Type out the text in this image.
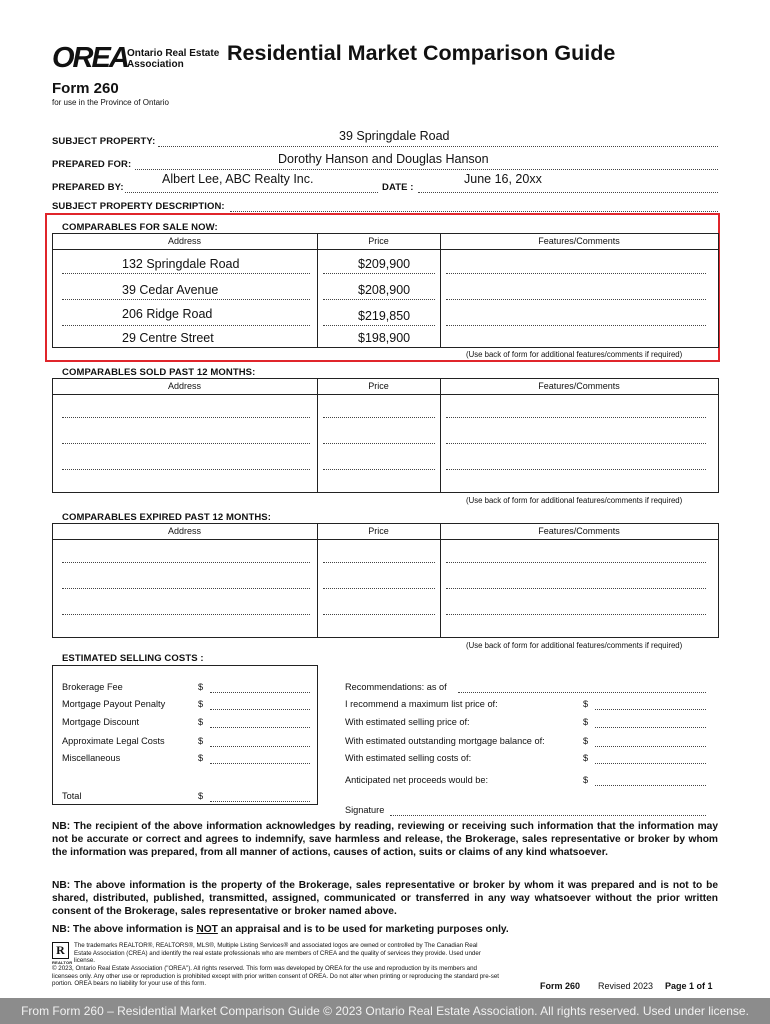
OREA Ontario Real Estate
Association	Residential Market Comparison Guide
Form 260
for use in the Province of Ontario
SUBJECT PROPERTY:	39 Springdale Road
PREPARED FOR:	Dorothy Hanson and Douglas Hanson
PREPARED BY:
Albert Lee, ABC Realty Inc.
DATE :
June 16, 20xx
SUBJECT PROPERTY DESCRIPTION:
COMPARABLES FOR SALE NOW:
Address	Price	Features/Comments
132 Springdale Road	$209,900
39 Cedar Avenue	$208,900
206 Ridge Road	$219,850
29 Centre Street	$198,900
(Use back of form for additional features/comments if required)
COMPARABLES SOLD PAST 12 MONTHS:
Address	Price	Features/Comments
(Use back of form for additional features/comments if required)
COMPARABLES EXPIRED PAST 12 MONTHS:
Address	Price	Features/Comments
(Use back of form for additional features/comments if required)
ESTIMATED SELLING COSTS :
Brokerage Fee	$
Mortgage Payout Penalty	$
Mortgage Discount	$
Approximate Legal Costs	$
Miscellaneous	$
Total	$
Recommendations: as of
I recommend a maximum list price of:	$
With estimated selling price of:	$
With estimated outstanding mortgage balance of:	$
With estimated selling costs of:	$
Anticipated net proceeds would be:	$
Signature
NB: The recipient of the above information acknowledges by reading, reviewing or receiving such information that the information may not be accurate or correct and agrees to indemnify, save harmless and release, the Brokerage, sales representative or broker by whom the information was prepared, from all manner of actions, causes of action, suits or claims of any kind whatsoever.
NB: The above information is the property of the Brokerage, sales representative or broker by whom it was prepared and is not to be shared, distributed, published, transmitted, assigned, communicated or transferred in any way whatsoever without the prior written consent of the Brokerage, sales representative or broker named above.
NB: The above information is NOT an appraisal and is to be used for marketing purposes only.
R
REALTOR
The trademarks REALTOR®, REALTORS®, MLS®, Multiple Listing Services® and associated logos are owned or controlled by The Canadian Real Estate Association (CREA) and identify the real estate professionals who are members of CREA and the quality of services they provide. Used under license.
© 2023, Ontario Real Estate Association ("OREA"). All rights reserved. This form was developed by OREA for the use and reproduction by its members and licensees only. Any other use or reproduction is prohibited except with prior written consent of OREA. Do not alter when printing or reproducing the standard pre-set portion. OREA bears no liability for your use of this form.	Form 260 Revised 2023 Page 1 of 1
From Form 260 – Residential Market Comparison Guide © 2023 Ontario Real Estate Association. All rights reserved. Used under license.
